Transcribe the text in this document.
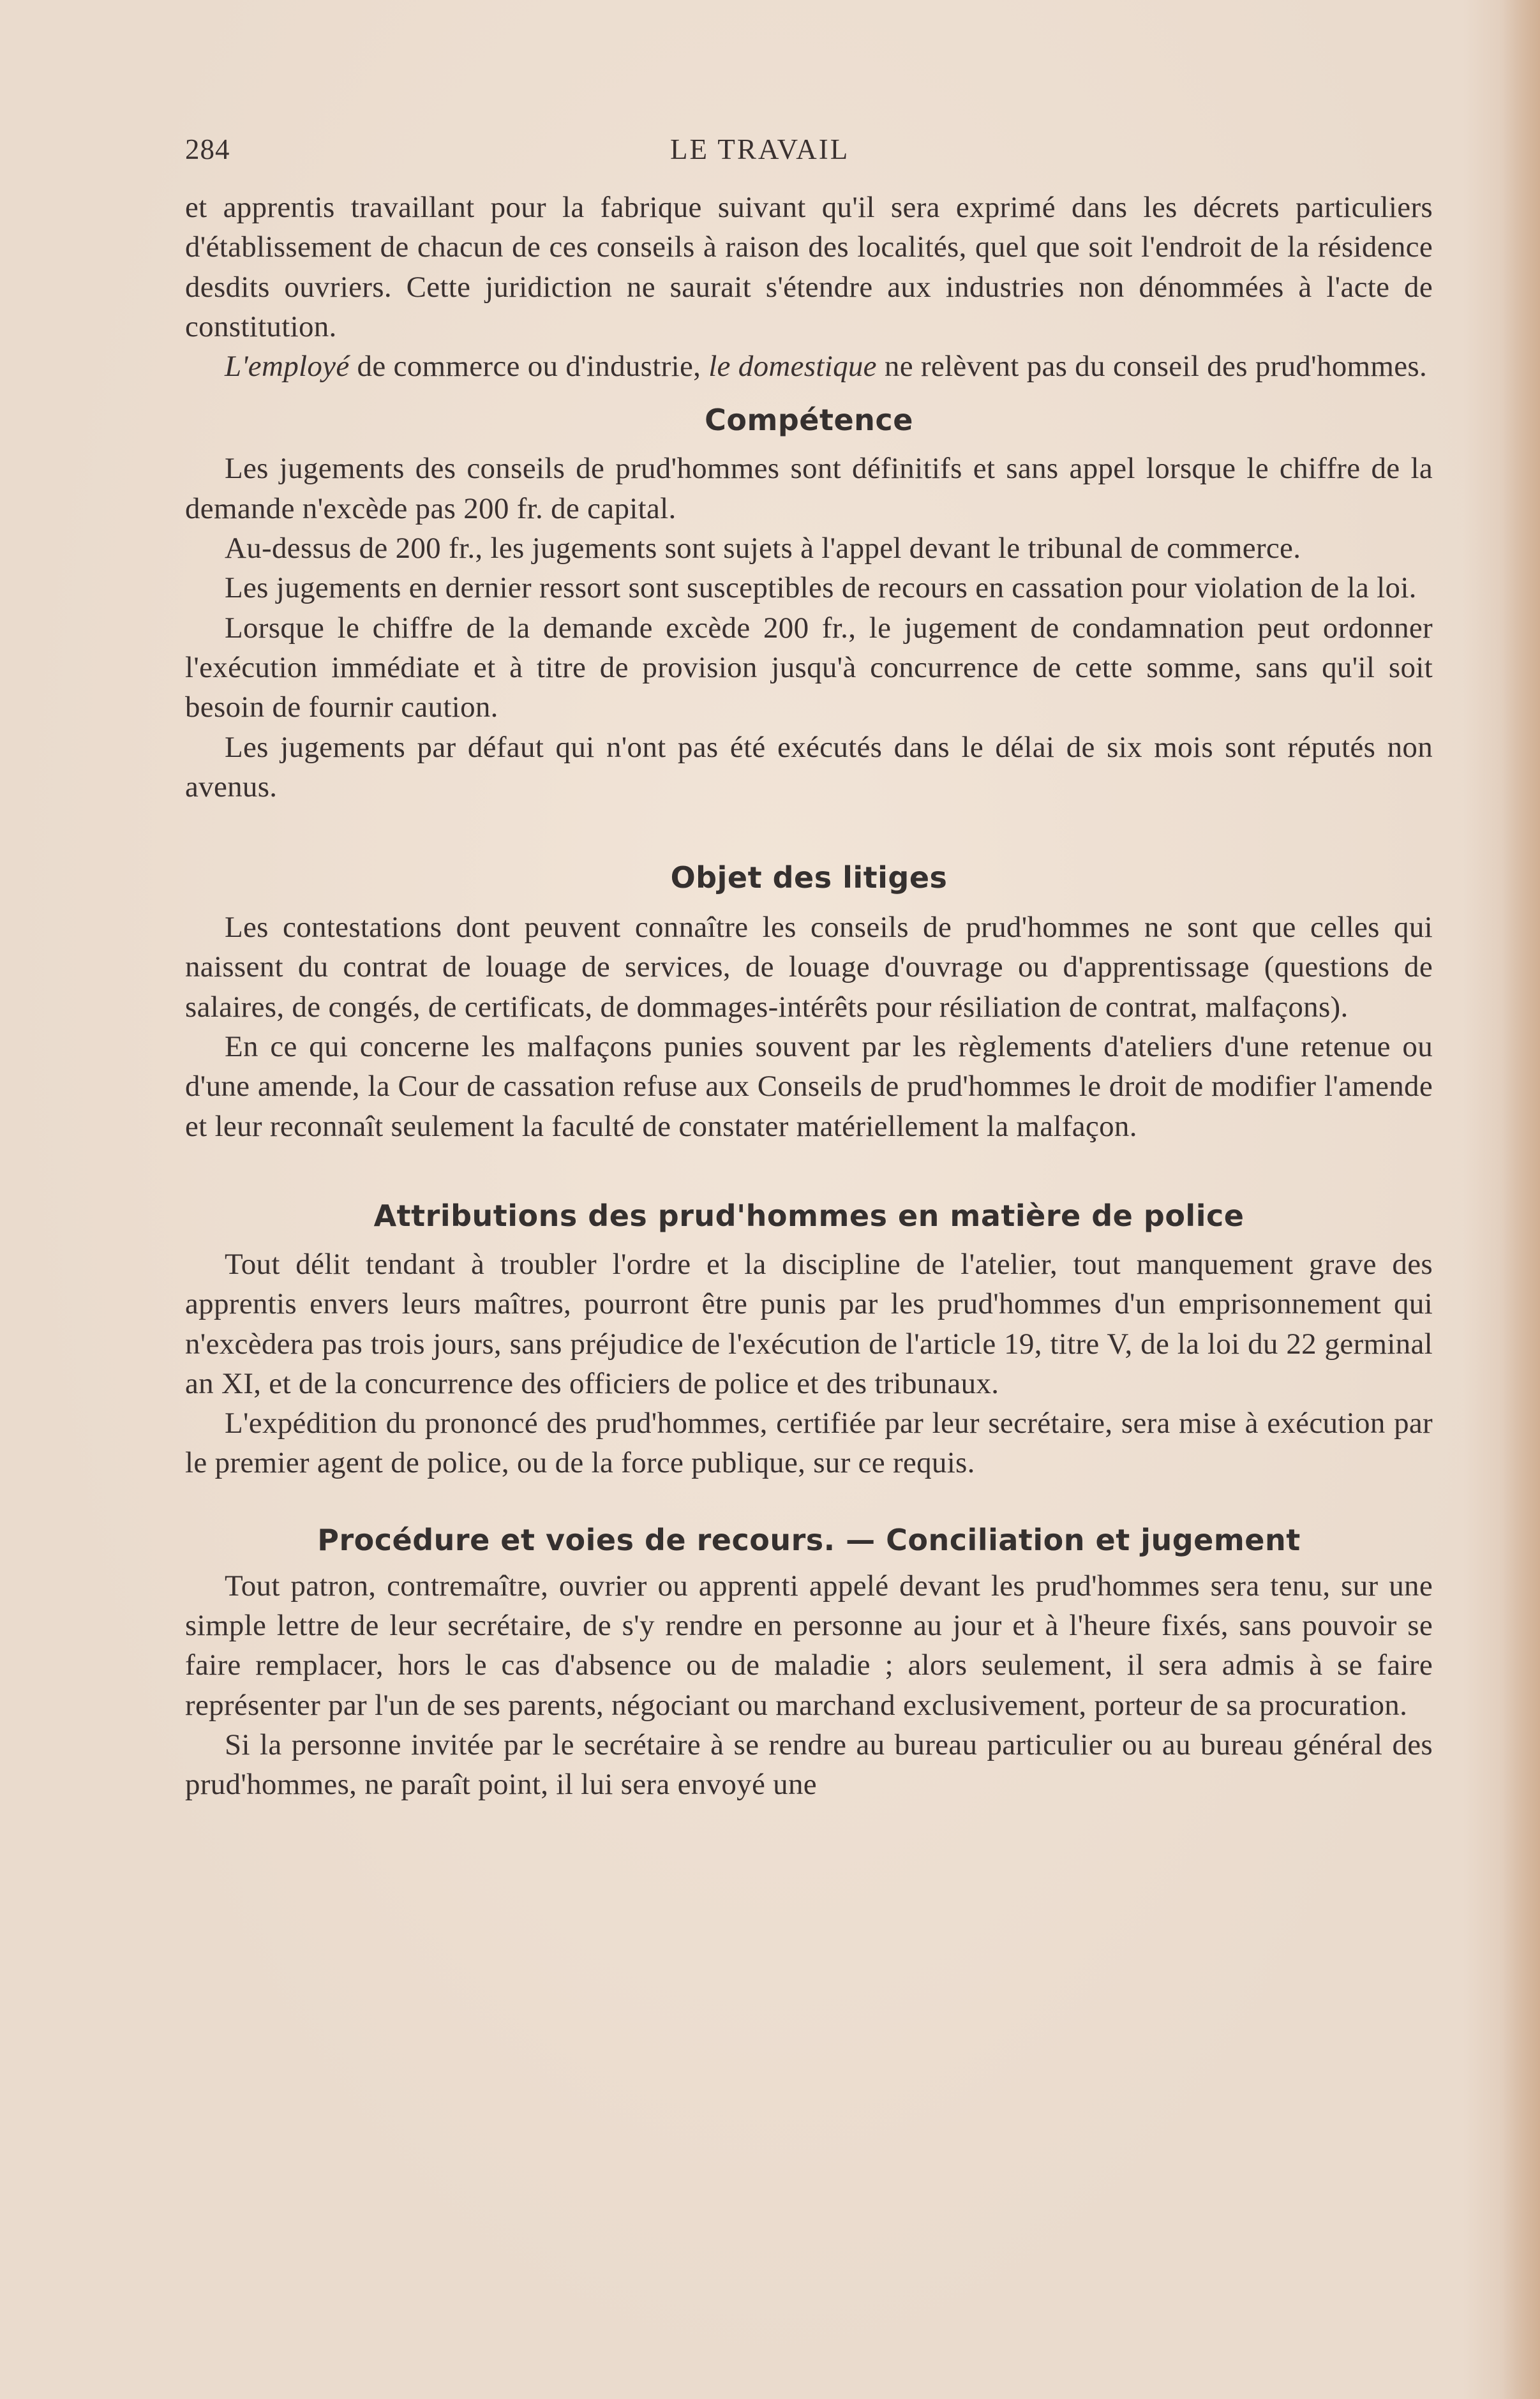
284	LE TRAVAIL

et apprentis travaillant pour la fabrique suivant qu'il sera exprimé dans les décrets particuliers d'établissement de chacun de ces conseils à raison des localités, quel que soit l'endroit de la résidence desdits ouvriers. Cette juridiction ne saurait s'étendre aux industries non dénommées à l'acte de constitution.

L'employé de commerce ou d'industrie, le domestique ne relèvent pas du conseil des prud'hommes.

Compétence

Les jugements des conseils de prud'hommes sont définitifs et sans appel lorsque le chiffre de la demande n'excède pas 200 fr. de capital.

Au-dessus de 200 fr., les jugements sont sujets à l'appel devant le tribunal de commerce.

Les jugements en dernier ressort sont susceptibles de recours en cassation pour violation de la loi.

Lorsque le chiffre de la demande excède 200 fr., le jugement de condamnation peut ordonner l'exécution immédiate et à titre de provision jusqu'à concurrence de cette somme, sans qu'il soit besoin de fournir caution.

Les jugements par défaut qui n'ont pas été exécutés dans le délai de six mois sont réputés non avenus.

Objet des litiges

Les contestations dont peuvent connaître les conseils de prud'hommes ne sont que celles qui naissent du contrat de louage de services, de louage d'ouvrage ou d'apprentissage (questions de salaires, de congés, de certificats, de dommages-intérêts pour résiliation de contrat, malfaçons).

En ce qui concerne les malfaçons punies souvent par les règlements d'ateliers d'une retenue ou d'une amende, la Cour de cassation refuse aux Conseils de prud'hommes le droit de modifier l'amende et leur reconnaît seulement la faculté de constater matériellement la malfaçon.

Attributions des prud'hommes en matière de police

Tout délit tendant à troubler l'ordre et la discipline de l'atelier, tout manquement grave des apprentis envers leurs maîtres, pourront être punis par les prud'hommes d'un emprisonnement qui n'excèdera pas trois jours, sans préjudice de l'exécution de l'article 19, titre V, de la loi du 22 germinal an XI, et de la concurrence des officiers de police et des tribunaux.

L'expédition du prononcé des prud'hommes, certifiée par leur secrétaire, sera mise à exécution par le premier agent de police, ou de la force publique, sur ce requis.

Procédure et voies de recours. — Conciliation et jugement

Tout patron, contremaître, ouvrier ou apprenti appelé devant les prud'hommes sera tenu, sur une simple lettre de leur secrétaire, de s'y rendre en personne au jour et à l'heure fixés, sans pouvoir se faire remplacer, hors le cas d'absence ou de maladie ; alors seulement, il sera admis à se faire représenter par l'un de ses parents, négociant ou marchand exclusivement, porteur de sa procuration.

Si la personne invitée par le secrétaire à se rendre au bureau particulier ou au bureau général des prud'hommes, ne paraît point, il lui sera envoyé une
